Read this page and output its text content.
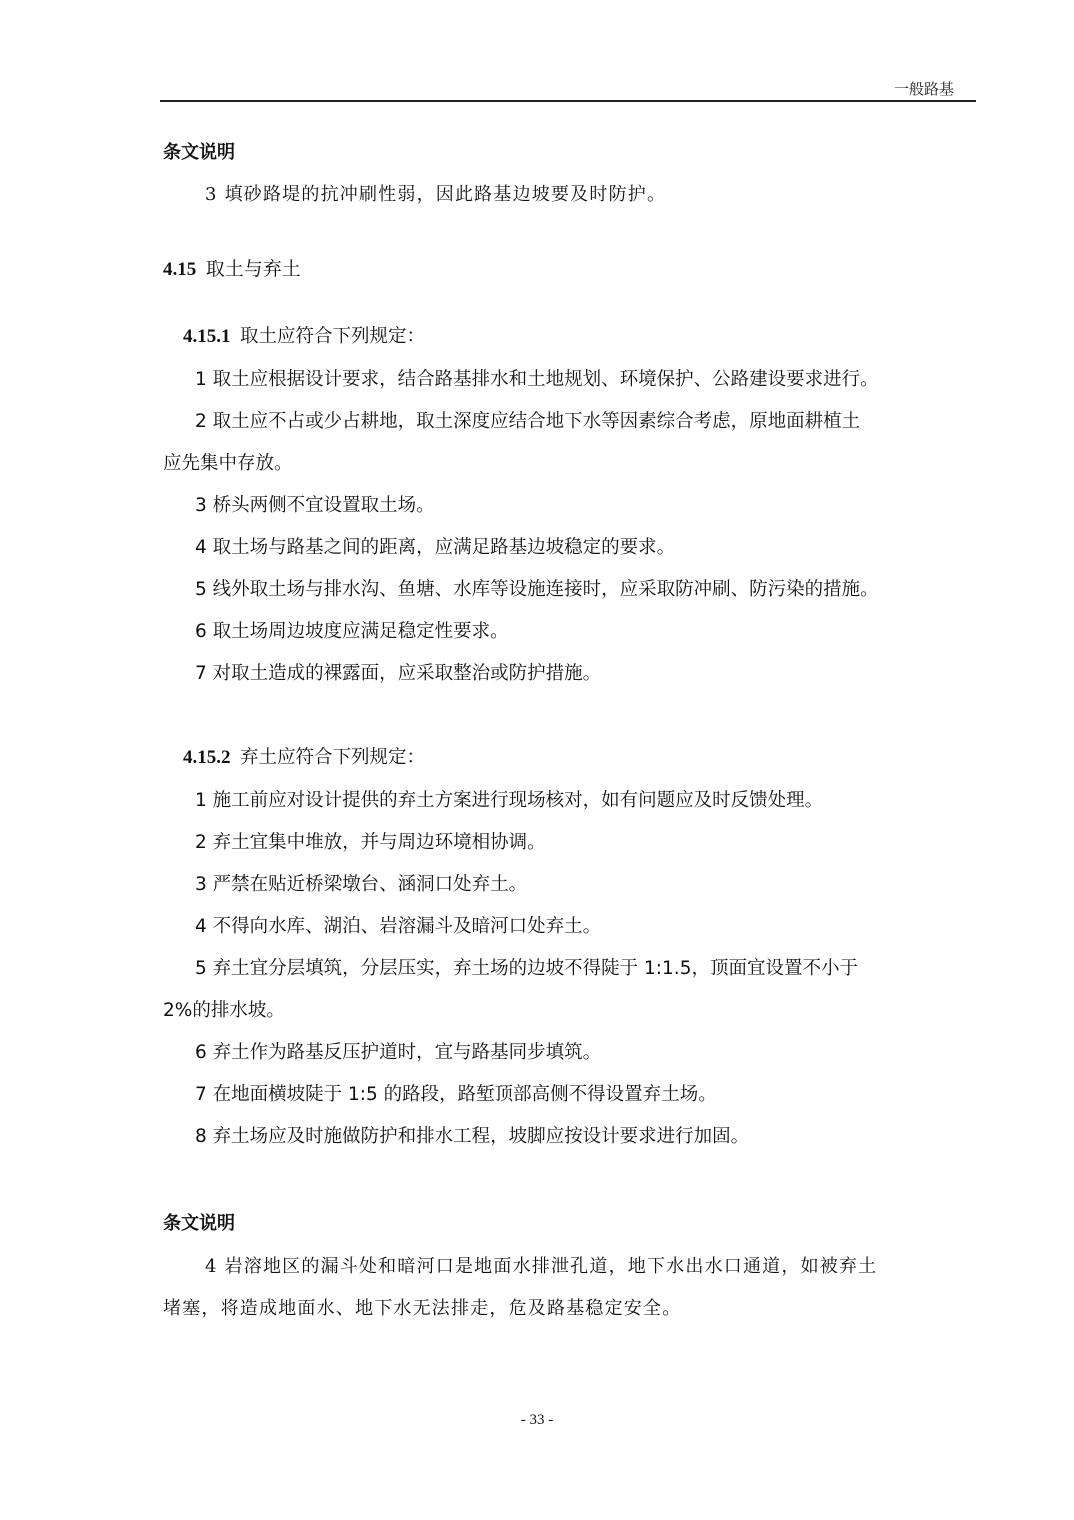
一般路基
条文说明
3 填砂路堤的抗冲刷性弱，因此路基边坡要及时防护。
4.15 取土与弃土
4.15.1 取土应符合下列规定：
1 取土应根据设计要求，结合路基排水和土地规划、环境保护、公路建设要求进行。
2 取土应不占或少占耕地，取土深度应结合地下水等因素综合考虑，原地面耕植土
应先集中存放。
3 桥头两侧不宜设置取土场。
4 取土场与路基之间的距离，应满足路基边坡稳定的要求。
5 线外取土场与排水沟、鱼塘、水库等设施连接时，应采取防冲刷、防污染的措施。
6 取土场周边坡度应满足稳定性要求。
7 对取土造成的裸露面，应采取整治或防护措施。
4.15.2 弃土应符合下列规定：
1 施工前应对设计提供的弃土方案进行现场核对，如有问题应及时反馈处理。
2 弃土宜集中堆放，并与周边环境相协调。
3 严禁在贴近桥梁墩台、涵洞口处弃土。
4 不得向水库、湖泊、岩溶漏斗及暗河口处弃土。
5 弃土宜分层填筑，分层压实，弃土场的边坡不得陡于 1:1.5，顶面宜设置不小于
2%的排水坡。
6 弃土作为路基反压护道时，宜与路基同步填筑。
7 在地面横坡陡于 1:5 的路段，路堑顶部高侧不得设置弃土场。
8 弃土场应及时施做防护和排水工程，坡脚应按设计要求进行加固。
条文说明
4 岩溶地区的漏斗处和暗河口是地面水排泄孔道，地下水出水口通道，如被弃土
堵塞，将造成地面水、地下水无法排走，危及路基稳定安全。
- 33 -
